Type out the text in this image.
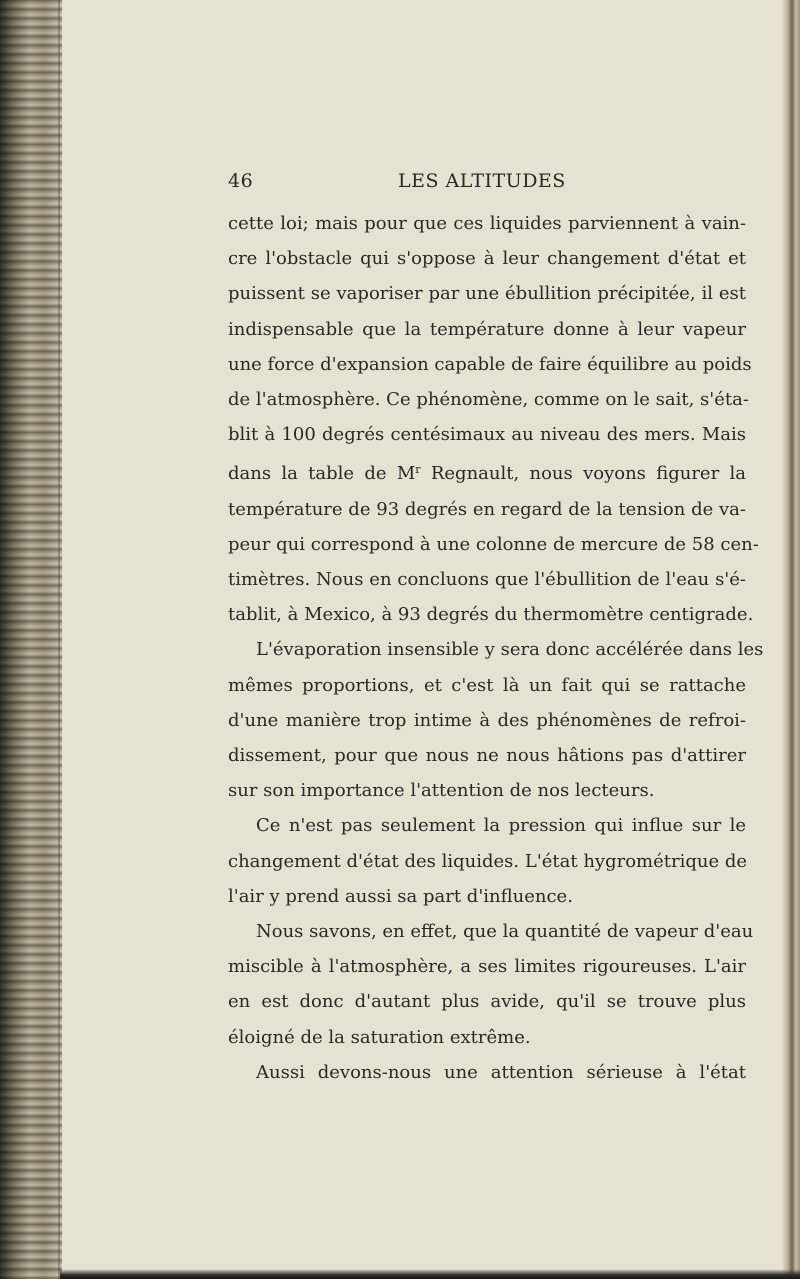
46	LES ALTITUDES
cette loi; mais pour que ces liquides parviennent à vain-
cre l'obstacle qui s'oppose à leur changement d'état et
puissent se vaporiser par une ébullition précipitée, il est
indispensable que la température donne à leur vapeur
une force d'expansion capable de faire équilibre au poids
de l'atmosphère. Ce phénomène, comme on le sait, s'éta-
blit à 100 degrés centésimaux au niveau des mers. Mais
dans la table de $M^r$ Regnault, nous voyons figurer la
température de 93 degrés en regard de la tension de va-
peur qui correspond à une colonne de mercure de 58 cen-
timètres. Nous en concluons que l'ébullition de l'eau s'é-
tablit, à Mexico, à 93 degrés du thermomètre centigrade.
L'évaporation insensible y sera donc accélérée dans les
mêmes proportions, et c'est là un fait qui se rattache
d'une manière trop intime à des phénomènes de refroi-
dissement, pour que nous ne nous hâtions pas d'attirer
sur son importance l'attention de nos lecteurs.
Ce n'est pas seulement la pression qui influe sur le
changement d'état des liquides. L'état hygrométrique de
l'air y prend aussi sa part d'influence.
Nous savons, en effet, que la quantité de vapeur d'eau
miscible à l'atmosphère, a ses limites rigoureuses. L'air
en est donc d'autant plus avide, qu'il se trouve plus
éloigné de la saturation extrême.
Aussi devons-nous une attention sérieuse à l'état
